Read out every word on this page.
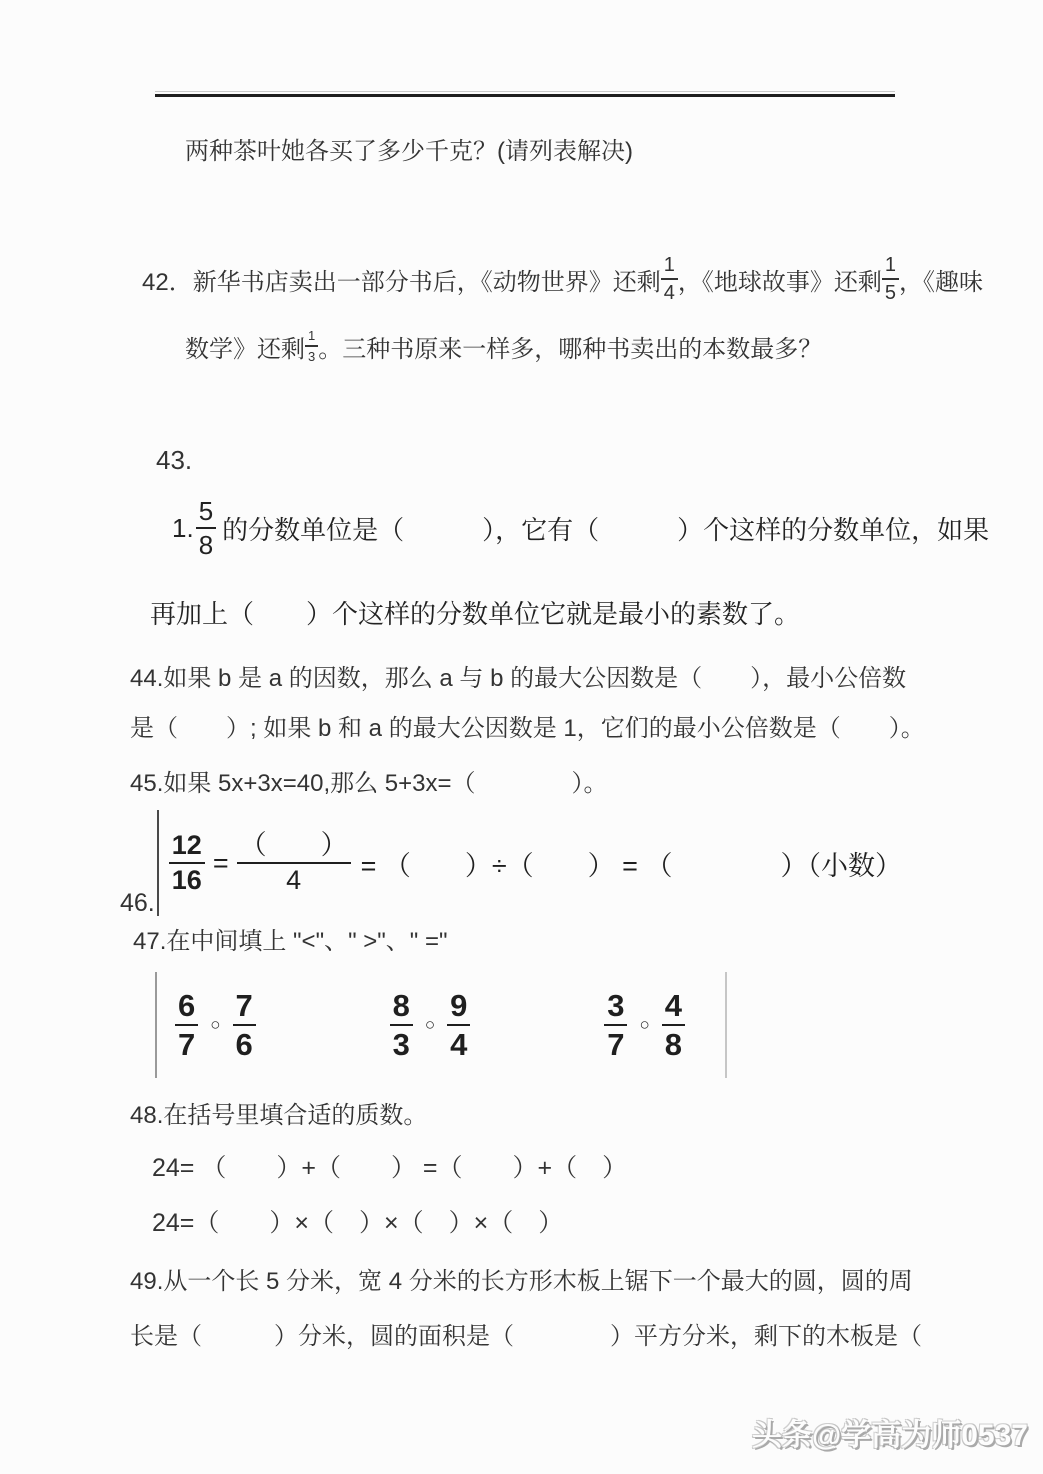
两种茶叶她各买了多少千克？(请列表解决)
42．新华书店卖出一部分书后，《动物世界》还剩 $\frac{1}{4}$ ，《地球故事》还剩 $\frac{1}{5}$ ，《趣味
数学》还剩 $\frac{1}{3}$ 。三种书原来一样多，哪种书卖出的本数最多？
43.
1. $\frac{5}{8}$ 的分数单位是（　　　），它有（　　　）个这样的分数单位，如果
再加上（　　）个这样的分数单位它就是最小的素数了。
44.如果 b 是 a 的因数，那么 a 与 b 的最大公因数是（　　），最小公倍数
是（　　）; 如果 b 和 a 的最大公因数是 1，它们的最小公倍数是（　　）。
45.如果 5x+3x=40,那么 5+3x=（　　　　）。
46.
$\frac{12}{16} = \frac{( )}{4}$ = （　　）÷（　　） = （　　　　）（小数）
47.在中间填上 "<"、" >"、" ="
$\frac{6}{7}$ ○ $\frac{7}{6}$	$\frac{8}{3}$ ○ $\frac{9}{4}$	$\frac{3}{7}$ ○ $\frac{4}{8}$
48.在括号里填合适的质数。
24= （　　）+（　　） =（　　）+（　）
24=（　　）×（　）×（　）×（　）
49.从一个长 5 分米，宽 4 分米的长方形木板上锯下一个最大的圆，圆的周
长是（　　　）分米，圆的面积是（　　　　）平方分米，剩下的木板是（
头条@学高为师0537
